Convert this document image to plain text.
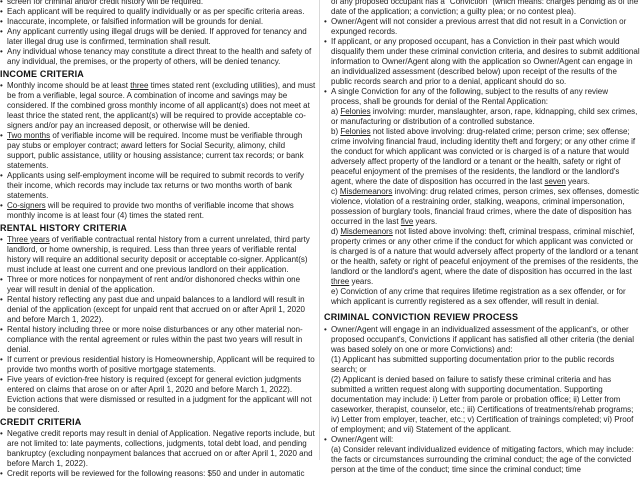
• screen for criminal and/or credit history will be required.
• Each applicant will be required to qualify individually or as per specific criteria areas.
• Inaccurate, incomplete, or falsified information will be grounds for denial.
• Any applicant currently using illegal drugs will be denied. If approved for tenancy and later illegal drug use is confirmed, termination shall result.
• Any individual whose tenancy may constitute a direct threat to the health and safety of any individual, the premises, or the property of others, will be denied tenancy.
INCOME CRITERIA
• Monthly income should be at least three times stated rent (excluding utilities), and must be from a verifiable, legal source. A combination of income and savings may be considered. If the combined gross monthly income of all applicant(s) does not meet at least thrice the stated rent, the applicant(s) will be required to provide acceptable co-signers and/or pay an increased deposit, or otherwise will be denied.
• Two months of verifiable income will be required. Income must be verifiable through pay stubs or employer contract; award letters for Social Security, alimony, child support, public assistance, utility or housing assistance; current tax records; or bank statements.
• Applicants using self-employment income will be required to submit records to verify their income, which records may include tax returns or two months worth of bank statements.
• Co-signers will be required to provide two months of verifiable income that shows monthly income is at least four (4) times the stated rent.
RENTAL HISTORY CRITERIA
• Three years of verifiable contractual rental history from a current unrelated, third party landlord, or home ownership, is required. Less than three years of verifiable rental history will require an additional security deposit or acceptable co-signer. Applicant(s) must include at least one current and one previous landlord on their application.
• Three or more notices for nonpayment of rent and/or dishonored checks within one year will result in denial of the application.
• Rental history reflecting any past due and unpaid balances to a landlord will result in denial of the application (except for unpaid rent that accrued on or after April 1, 2020 and before March 1, 2022).
• Rental history including three or more noise disturbances or any other material non-compliance with the rental agreement or rules within the past two years will result in denial.
• If current or previous residential history is Homeownership, Applicant will be required to provide two months worth of positive mortgage statements.
• Five years of eviction-free history is required (except for general eviction judgments entered on claims that arose on or after April 1, 2020 and before March 1, 2022). Eviction actions that were dismissed or resulted in a judgment for the applicant will not be considered.
CREDIT CRITERIA
• Negative credit reports may result in denial of Application. Negative reports include, but are not limited to: late payments, collections, judgments, total debt load, and pending bankruptcy (excluding nonpayment balances that accrued on or after April 1, 2020 and before March 1, 2022).
• Credit reports will be reviewed for the following reasons: $50 and under in automatic
of any proposed occupant has a "Conviction" (which means: charges pending as of the date of the application; a conviction; a guilty plea; or no contest plea).
• Owner/Agent will not consider a previous arrest that did not result in a Conviction or expunged records.
• If applicant, or any proposed occupant, has a Conviction in their past which would disqualify them under these criminal conviction criteria, and desires to submit additional information to Owner/Agent along with the application so Owner/Agent can engage in an individualized assessment (described below) upon receipt of the results of the public records search and prior to a denial, applicant should do so.
• A single Conviction for any of the following, subject to the results of any review process, shall be grounds for denial of the Rental Application:

a) Felonies involving: murder, manslaughter, arson, rape, kidnapping, child sex crimes, or manufacturing or distribution of a controlled substance.

b) Felonies not listed above involving: drug-related crime; person crime; sex offense; crime involving financial fraud, including identity theft and forgery; or any other crime if the conduct for which applicant was convicted or is charged is of a nature that would adversely affect property of the landlord or a tenant or the health, safety or right of peaceful enjoyment of the premises of the residents, the landlord or the landlord's agent, where the date of disposition has occurred in the last seven years.

c) Misdemeanors involving: drug related crimes, person crimes, sex offenses, domestic violence, violation of a restraining order, stalking, weapons, criminal impersonation, possession of burglary tools, financial fraud crimes, where the date of disposition has occurred in the last five years.

d) Misdemeanors not listed above involving: theft, criminal trespass, criminal mischief, property crimes or any other crime if the conduct for which applicant was convicted or is charged is of a nature that would adversely affect property of the landlord or a tenant or the health, safety or right of peaceful enjoyment of the premises of the residents, the landlord or the landlord's agent, where the date of disposition has occurred in the last three years.

e) Conviction of any crime that requires lifetime registration as a sex offender, or for which applicant is currently registered as a sex offender, will result in denial.

CRIMINAL CONVICTION REVIEW PROCESS
• Owner/Agent will engage in an individualized assessment of the applicant's, or other proposed occupant's, Convictions if applicant has satisfied all other criteria (the denial was based solely on one or more Convictions) and:
(1) Applicant has submitted supporting documentation prior to the public records search; or
(2) Applicant is denied based on failure to satisfy these criminal criteria and has submitted a written request along with supporting documentation. Supporting documentation may include: i) Letter from parole or probation office; ii) Letter from caseworker, therapist, counselor, etc.; iii) Certifications of treatments/rehab programs; iv) Letter from employer, teacher, etc.; v) Certification of trainings completed; vi) Proof of employment; and vii) Statement of the applicant.
• Owner/Agent will:
(a) Consider relevant individualized evidence of mitigating factors, which may include: the facts or circumstances surrounding the criminal conduct; the age of the convicted person at the time of the conduct; time since the criminal conduct; time
